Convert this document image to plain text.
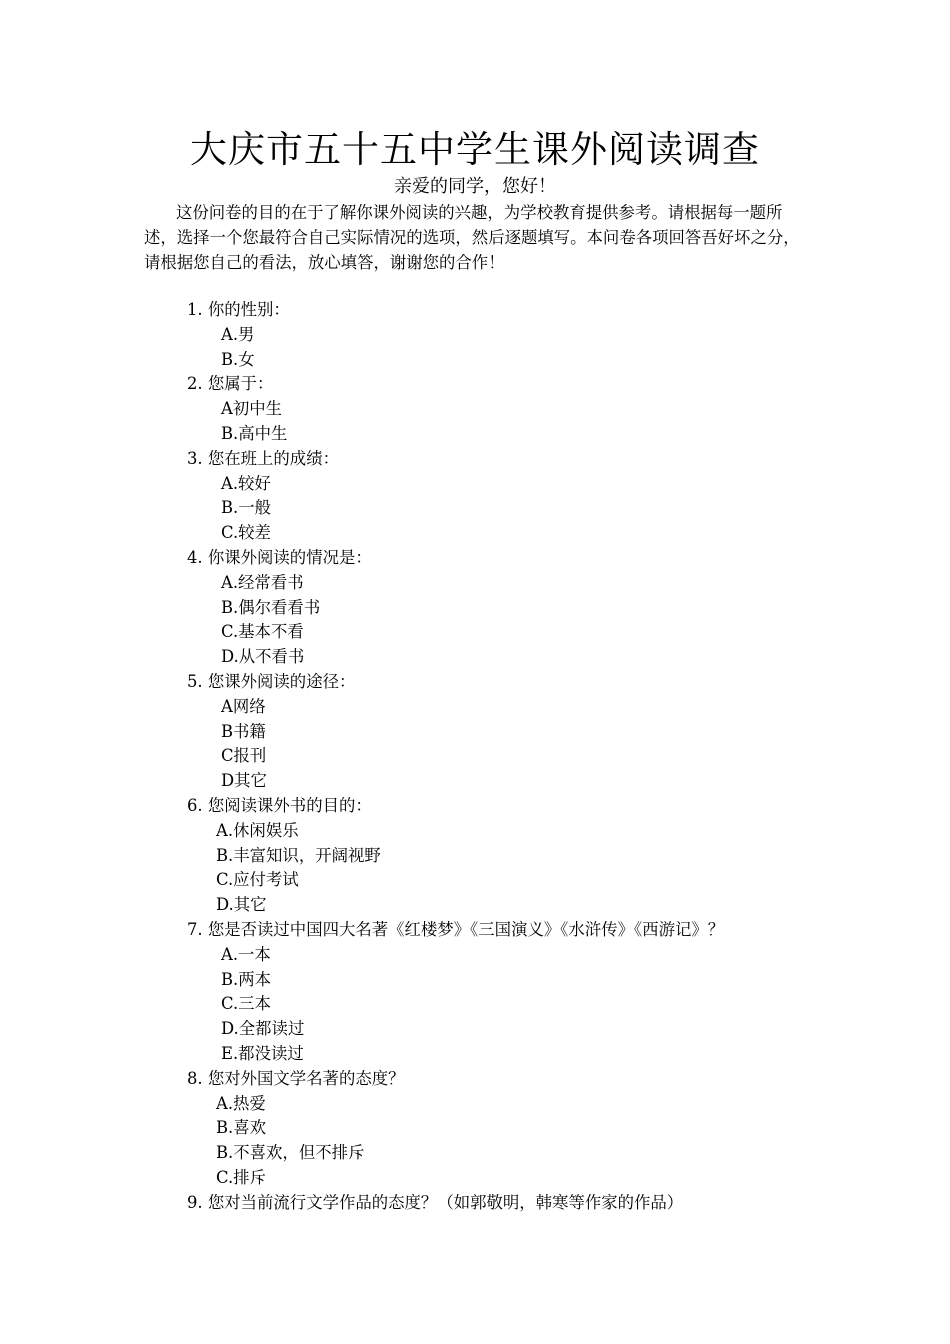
大庆市五十五中学生课外阅读调查
亲爱的同学，您好！
这份问卷的目的在于了解你课外阅读的兴趣，为学校教育提供参考。请根据每一题所述，选择一个您最符合自己实际情况的选项，然后逐题填写。本问卷各项回答吾好坏之分，请根据您自己的看法，放心填答，谢谢您的合作！
1. 你的性别：
A.男
B.女
2. 您属于：
A初中生
B.高中生
3. 您在班上的成绩：
A.较好
B.一般
C.较差
4. 你课外阅读的情况是：
A.经常看书
B.偶尔看看书
C.基本不看
D.从不看书
5. 您课外阅读的途径：
A网络
B书籍
C报刊
D其它
6. 您阅读课外书的目的：
A.休闲娱乐
B.丰富知识，开阔视野
C.应付考试
D.其它
7. 您是否读过中国四大名著《红楼梦》《三国演义》《水浒传》《西游记》？
A.一本
B.两本
C.三本
D.全都读过
E.都没读过
8. 您对外国文学名著的态度？
A.热爱
B.喜欢
B.不喜欢，但不排斥
C.排斥
9. 您对当前流行文学作品的态度？（如郭敬明，韩寒等作家的作品）
